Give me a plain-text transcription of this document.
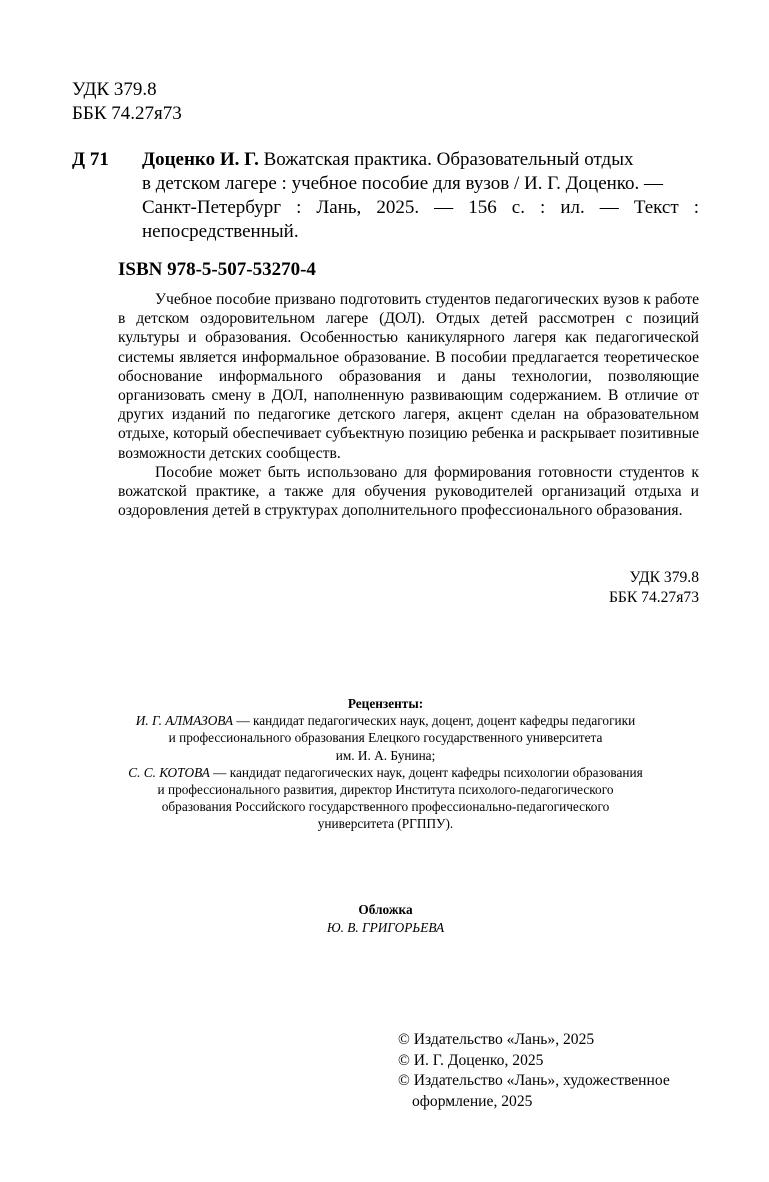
УДК 379.8
ББК 74.27я73
Д 71 Доценко И. Г. Вожатская практика. Образовательный отдых
в детском лагере : учебное пособие для вузов / И. Г. Доценко. —
Санкт-Петербург : Лань, 2025. — 156 с. : ил. — Текст :
непосредственный.
ISBN 978-5-507-53270-4

Учебное пособие призвано подготовить студентов педагогических вузов к работе в детском оздоровительном лагере (ДОЛ). Отдых детей рассмотрен с позиций культуры и образования. Особенностью каникулярного лагеря как педагогической системы является информальное образование. В пособии предлагается теоретическое обоснование информального образования и даны технологии, позволяющие организовать смену в ДОЛ, наполненную развивающим содержанием. В отличие от других изданий по педагогике детского лагеря, акцент сделан на образовательном отдыхе, который обеспечивает субъектную позицию ребенка и раскрывает позитивные возможности детских сообществ.

Пособие может быть использовано для формирования готовности студентов к вожатской практике, а также для обучения руководителей организаций отдыха и оздоровления детей в структурах дополнительного профессионального образования.

УДК 379.8
ББК 74.27я73
Рецензенты:
И. Г. АЛМАЗОВА — кандидат педагогических наук, доцент, доцент кафедры педагогики
и профессионального образования Елецкого государственного университета
им. И. А. Бунина;
С. С. КОТОВА — кандидат педагогических наук, доцент кафедры психологии образования
и профессионального развития, директор Института психолого-педагогического
образования Российского государственного профессионально-педагогического
университета (РГППУ).
Обложка
Ю. В. ГРИГОРЬЕВА
© Издательство «Лань», 2025
© И. Г. Доценко, 2025
© Издательство «Лань», художественное
оформление, 2025
